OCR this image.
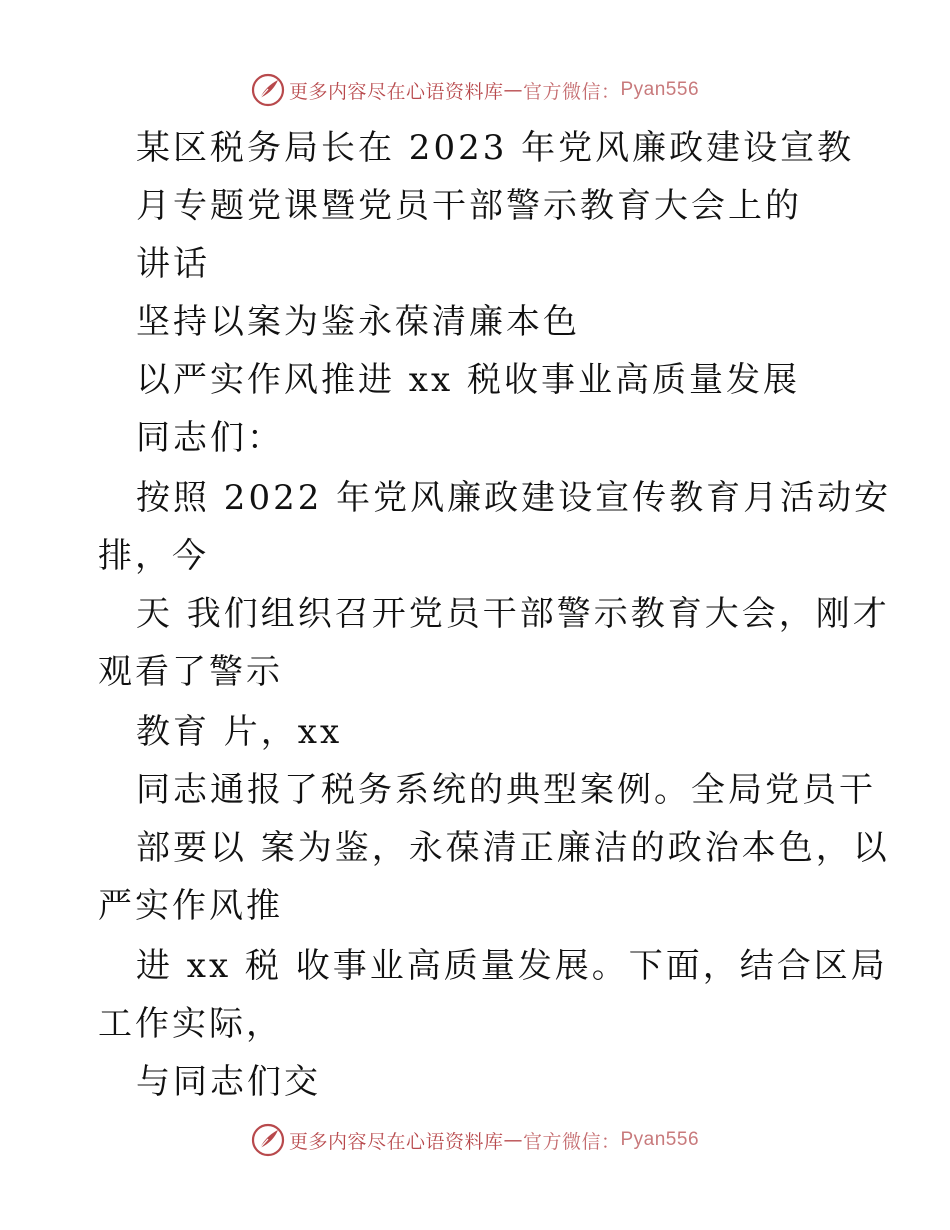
更多内容尽在心语资料库 — 官方微信： Pyan556
某区税务局长在 2023 年党风廉政建设宣教
月专题党课暨党员干部警示教育大会上的
讲话
坚持以案为鉴永葆清廉本色
以严实作风推进 xx 税收事业高质量发展
同志们：
按照 2022 年党风廉政建设宣传教育月活动安
排，今
天 我们组织召开党员干部警示教育大会，刚才
观看了警示
教育 片，xx
同志通报了税务系统的典型案例。全局党员干
部要以 案为鉴，永葆清正廉洁的政治本色，以
严实作风推
进 xx 税 收事业高质量发展。下面，结合区局
工作实际，
与同志们交
更多内容尽在心语资料库 — 官方微信： Pyan556
